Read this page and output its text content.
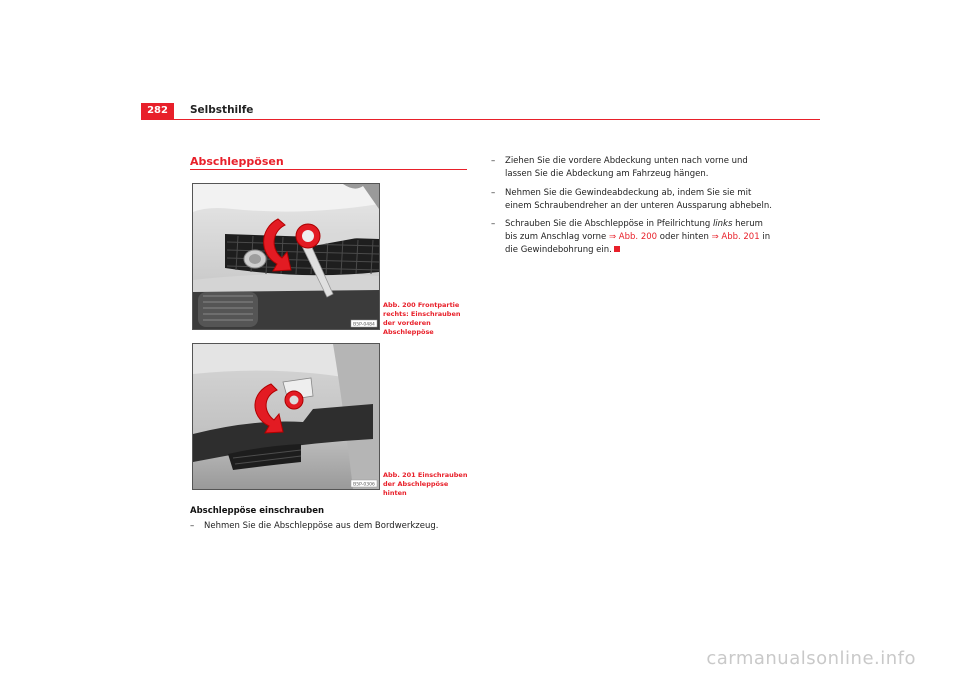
282	Selbsthilfe
Abschleppösen
B5P-0484
Abb. 200 Frontpartie rechts: Einschrauben der vorderen Abschleppöse
B5P-0306
Abb. 201 Einschrauben der Abschleppöse hinten
Abschleppöse einschrauben
–	Nehmen Sie die Abschleppöse aus dem Bordwerkzeug.
–	Ziehen Sie die vordere Abdeckung unten nach vorne und lassen Sie die Abdeckung am Fahrzeug hängen.
–	Nehmen Sie die Gewindeabdeckung ab, indem Sie sie mit einem Schraubendreher an der unteren Aussparung abhebeln.
–	Schrauben Sie die Abschleppöse in Pfeilrichtung links herum bis zum Anschlag vorne ⇒ Abb. 200 oder hinten ⇒ Abb. 201 in die Gewindebohrung ein.
carmanualsonline.info
